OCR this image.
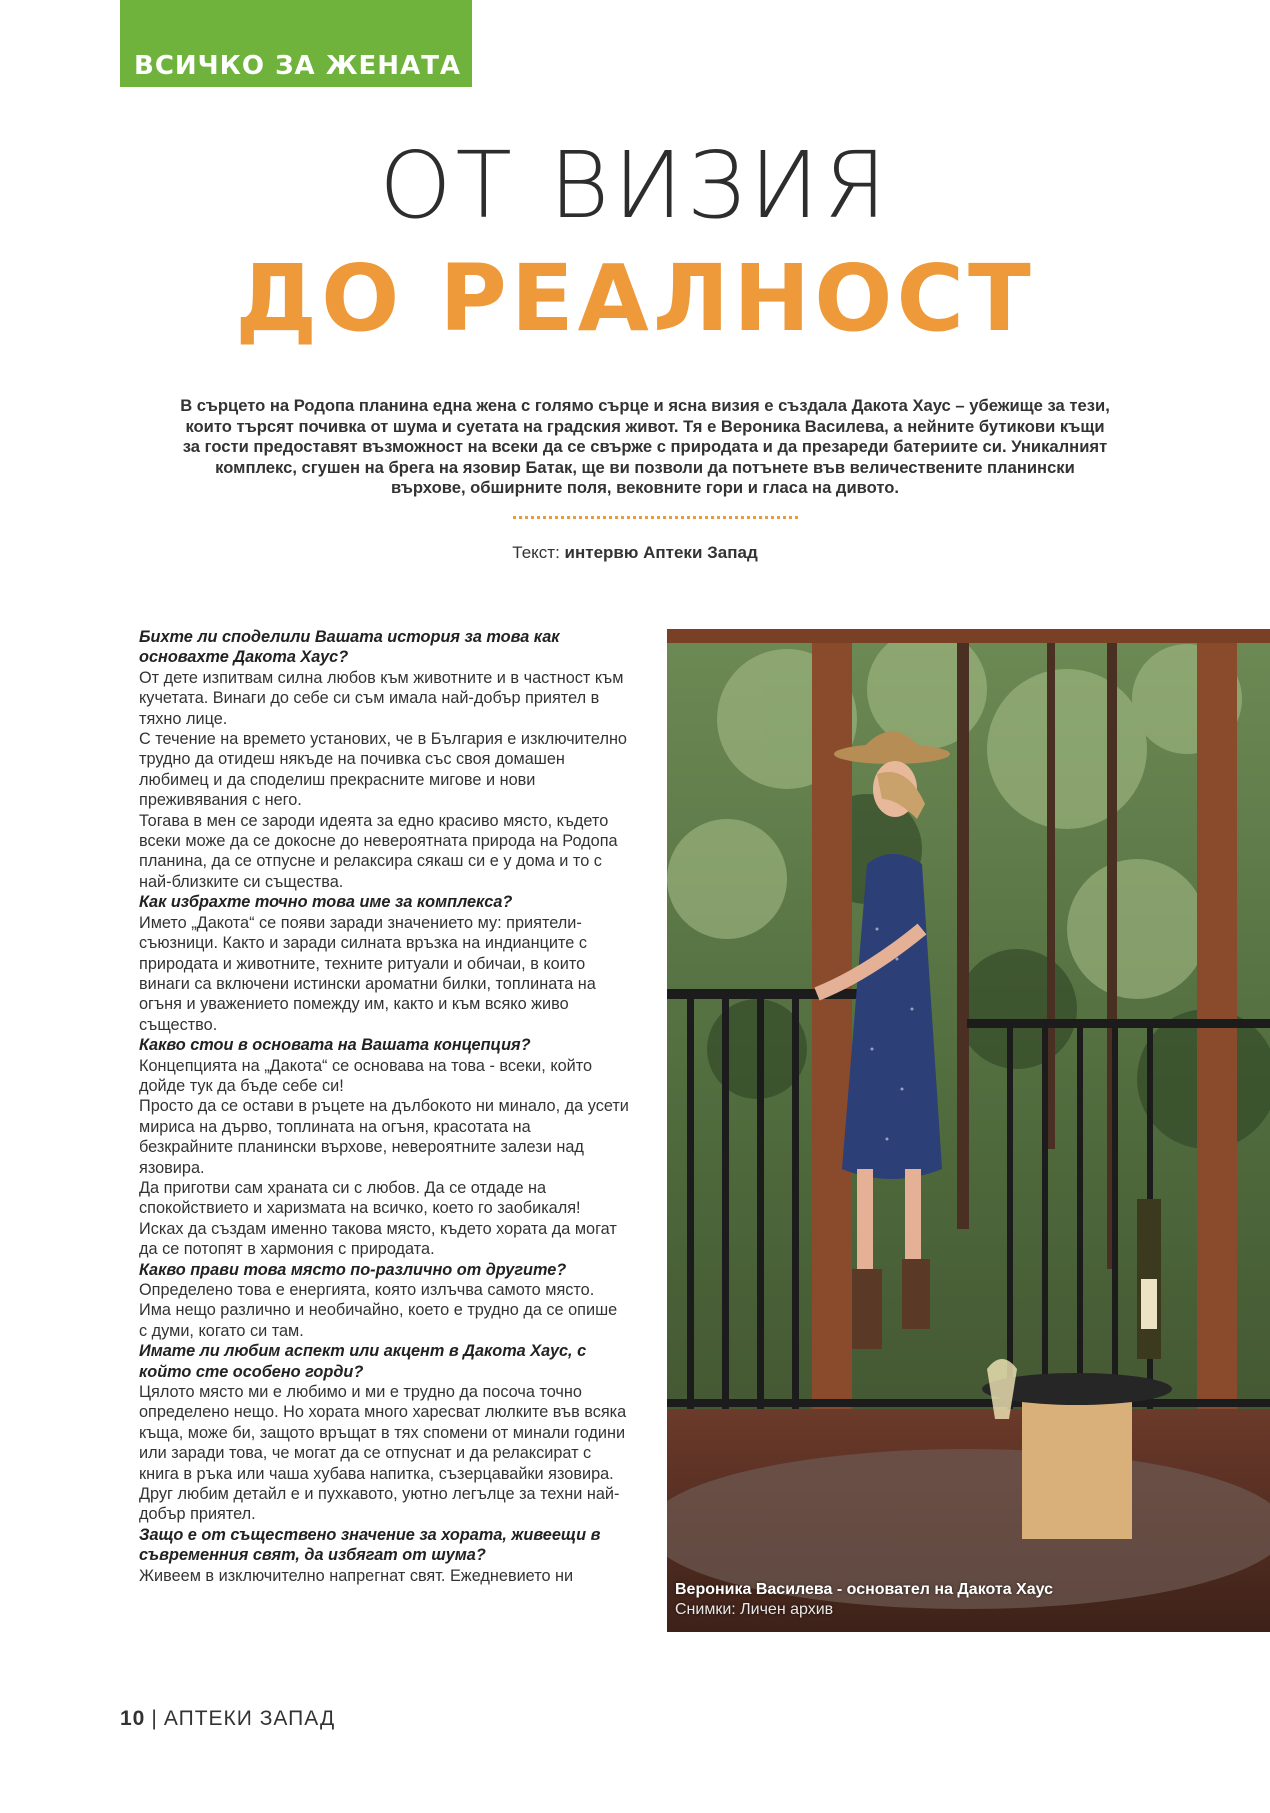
ВСИЧКО ЗА ЖЕНАТА
ОТ ВИЗИЯ
ДО РЕАЛНОСТ
В сърцето на Родопа планина една жена с голямо сърце и ясна визия е създала Дакота Хаус – убежище за тези, които търсят почивка от шума и суетата на градския живот. Тя е Вероника Василева, а нейните бутикови къщи за гости предоставят възможност на всеки да се свърже с природата и да презареди батериите си. Уникалният комплекс, сгушен на брега на язовир Батак, ще ви позволи да потънете във величествените планински върхове, обширните поля, вековните гори и гласа на дивото.
Текст: интервю Аптеки Запад

Бихте ли споделили Вашата история за това как основахте Дакота Хаус?

От дете изпитвам силна любов към животните и в частност към кучетата. Винаги до себе си съм имала най-добър приятел в тяхно лице.

С течение на времето установих, че в България е изключително трудно да отидеш някъде на почивка със своя домашен любимец и да споделиш прекрасните мигове и нови преживявания с него.

Тогава в мен се зароди идеята за едно красиво място, където всеки може да се докосне до невероятната природа на Родопа планина, да се отпусне и релаксира сякаш си е у дома и то с най-близките си същества.

Как избрахте точно това име за комплекса?

Името „Дакота“ се появи заради значението му: приятели-съюзници. Както и заради силната връзка на индианците с природата и животните, техните ритуали и обичаи, в които винаги са включени истински ароматни билки, топлината на огъня и уважението помежду им, както и към всяко живо същество.

Какво стои в основата на Вашата концепция?

Концепцията на „Дакота“ се основава на това - всеки, който дойде тук да бъде себе си!

Просто да се остави в ръцете на дълбокото ни минало, да усети мириса на дърво, топлината на огъня, красотата на безкрайните планински върхове, невероятните залези над язовира.

Да приготви сам храната си с любов. Да се отдаде на спокойствието и харизмата на всичко, което го заобикаля!

Исках да създам именно такова място, където хората да могат да се потопят в хармония с природата.

Какво прави това място по-различно от другите?

Определено това е енергията, която излъчва самото място. Има нещо различно и необичайно, което е трудно да се опише с думи, когато си там.

Имате ли любим аспект или акцент в Дакота Хаус, с който сте особено горди?

Цялото място ми е любимо и ми е трудно да посоча точно определено нещо. Но хората много харесват люлките във всяка къща, може би, защото връщат в тях спомени от минали години или заради това, че могат да се отпуснат и да релаксират с книга в ръка или чаша хубава напитка, съзерцавайки язовира. Друг любим детайл е и пухкавото, уютно легълце за техни най-добър приятел.

Защо е от съществено значение за хората, живеещи в съвременния свят, да избягат от шума?

Живеем в изключително напрегнат свят. Ежедневието ни

Вероника Василева - основател на Дакота Хаус
Снимки: Личен архив
10 | АПТЕКИ ЗАПАД
